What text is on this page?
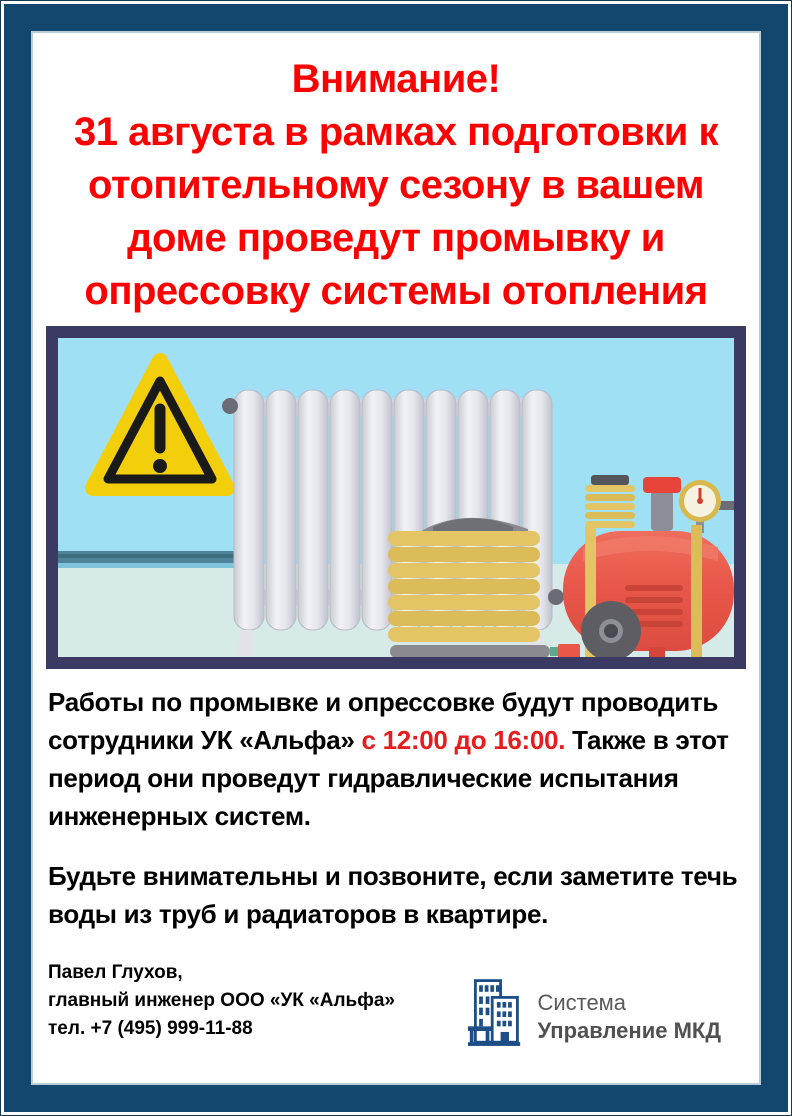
Внимание!
31 августа в рамках подготовки к
отопительному сезону в вашем
доме проведут промывку и
опрессовку системы отопления
Работы по промывке и опрессовке будут проводить сотрудники УК «Альфа» с 12:00 до 16:00. Также в этот период они проведут гидравлические испытания инженерных систем.
Будьте внимательны и позвоните, если заметите течь воды из труб и радиаторов в квартире.
Павел Глухов,
главный инженер ООО «УК «Альфа»
тел. +7 (495) 999-11-88
Система
Управление МКД
